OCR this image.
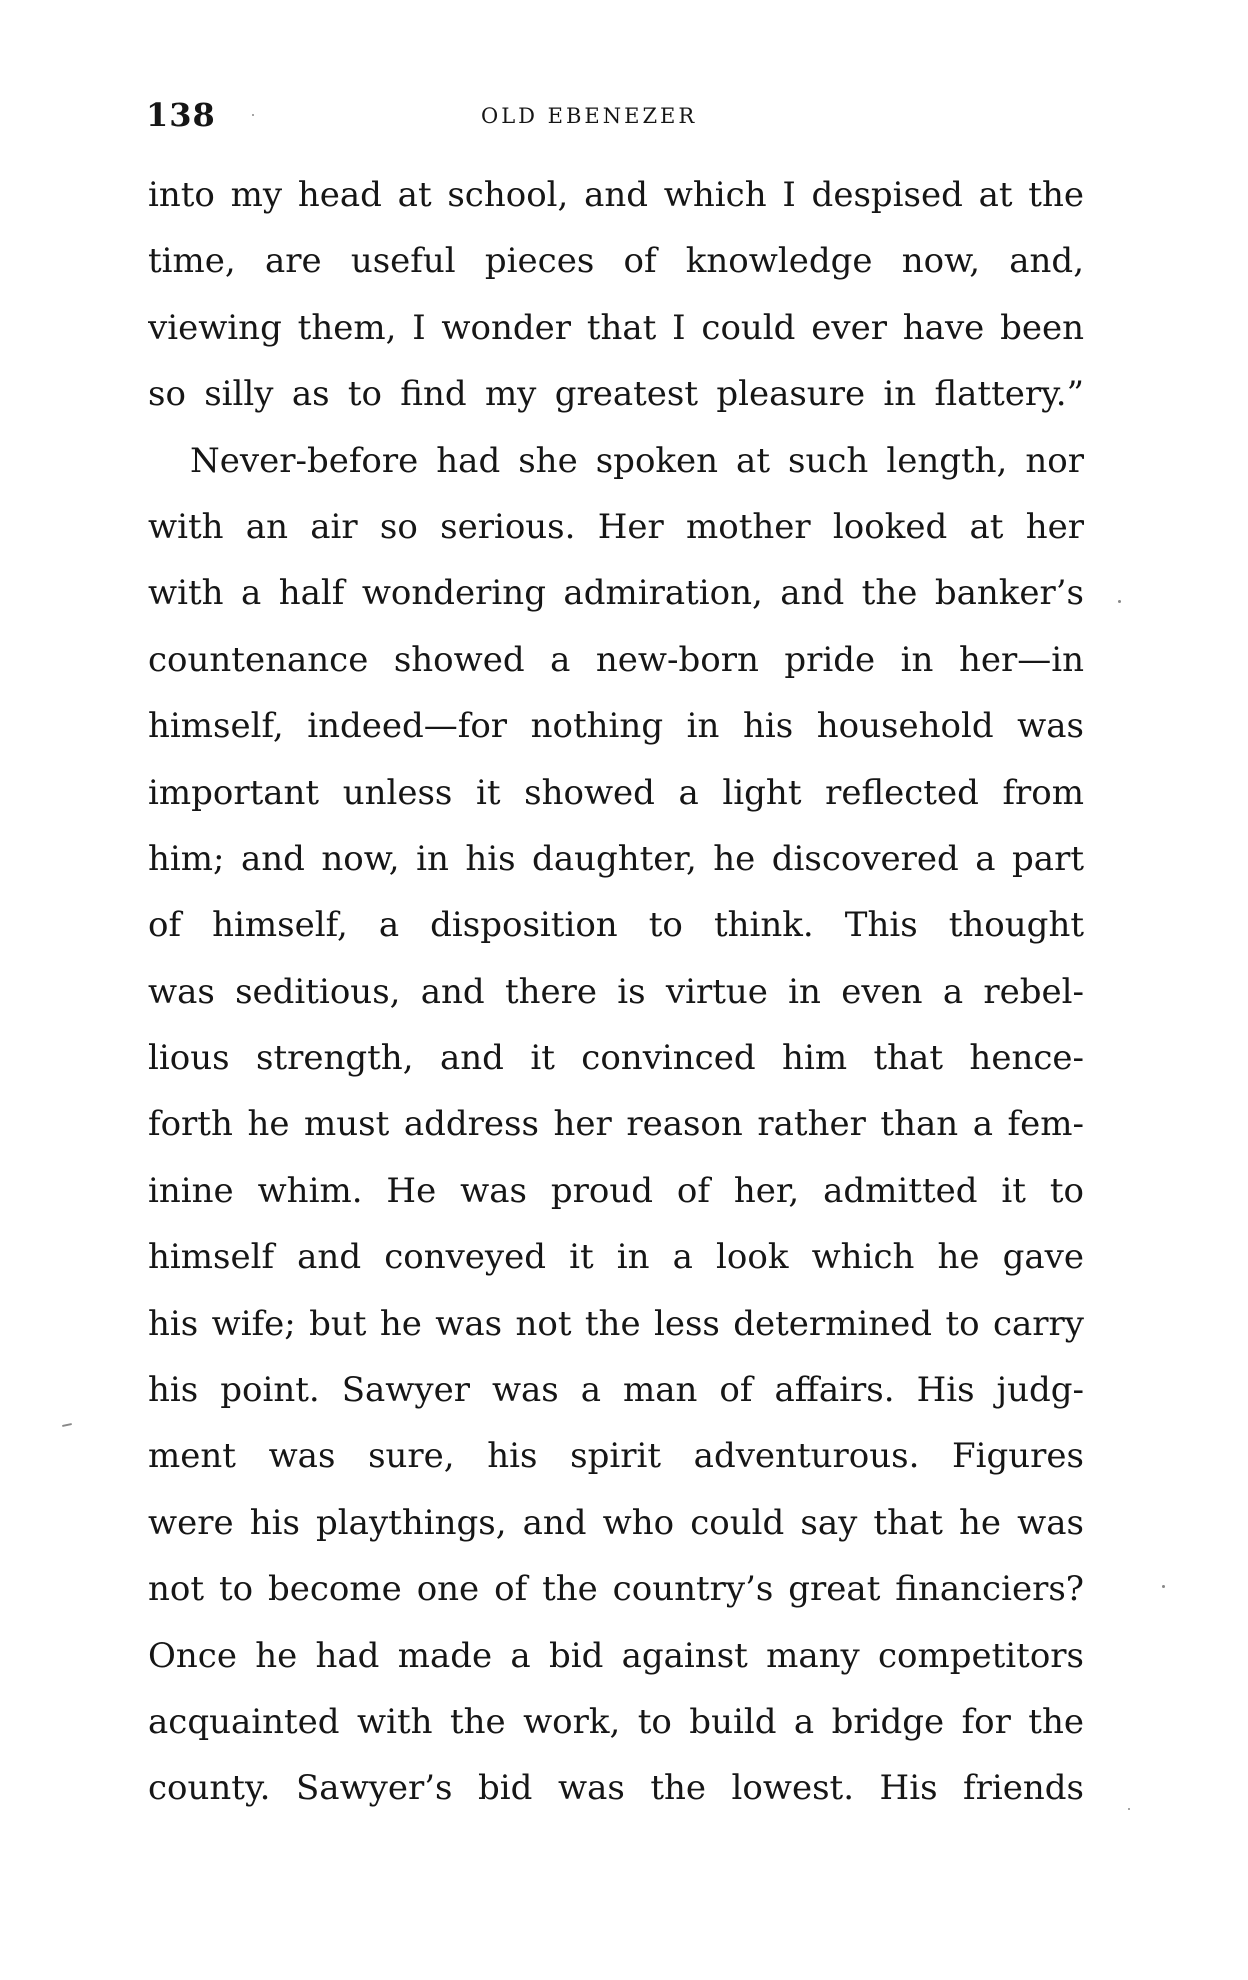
138	OLD EBENEZER
into my head at school, and which I despised at the
time, are useful pieces of knowledge now, and,
viewing them, I wonder that I could ever have been
so silly as to find my greatest pleasure in flattery.”
Never-before had she spoken at such length, nor
with an air so serious. Her mother looked at her
with a half wondering admiration, and the banker’s
countenance showed a new-born pride in her—in
himself, indeed—for nothing in his household was
important unless it showed a light reflected from
him; and now, in his daughter, he discovered a part
of himself, a disposition to think. This thought
was seditious, and there is virtue in even a rebel-
lious strength, and it convinced him that hence-
forth he must address her reason rather than a fem-
inine whim. He was proud of her, admitted it to
himself and conveyed it in a look which he gave
his wife; but he was not the less determined to carry
his point. Sawyer was a man of affairs. His judg-
ment was sure, his spirit adventurous. Figures
were his playthings, and who could say that he was
not to become one of the country’s great financiers?
Once he had made a bid against many competitors
acquainted with the work, to build a bridge for the
county. Sawyer’s bid was the lowest. His friends
